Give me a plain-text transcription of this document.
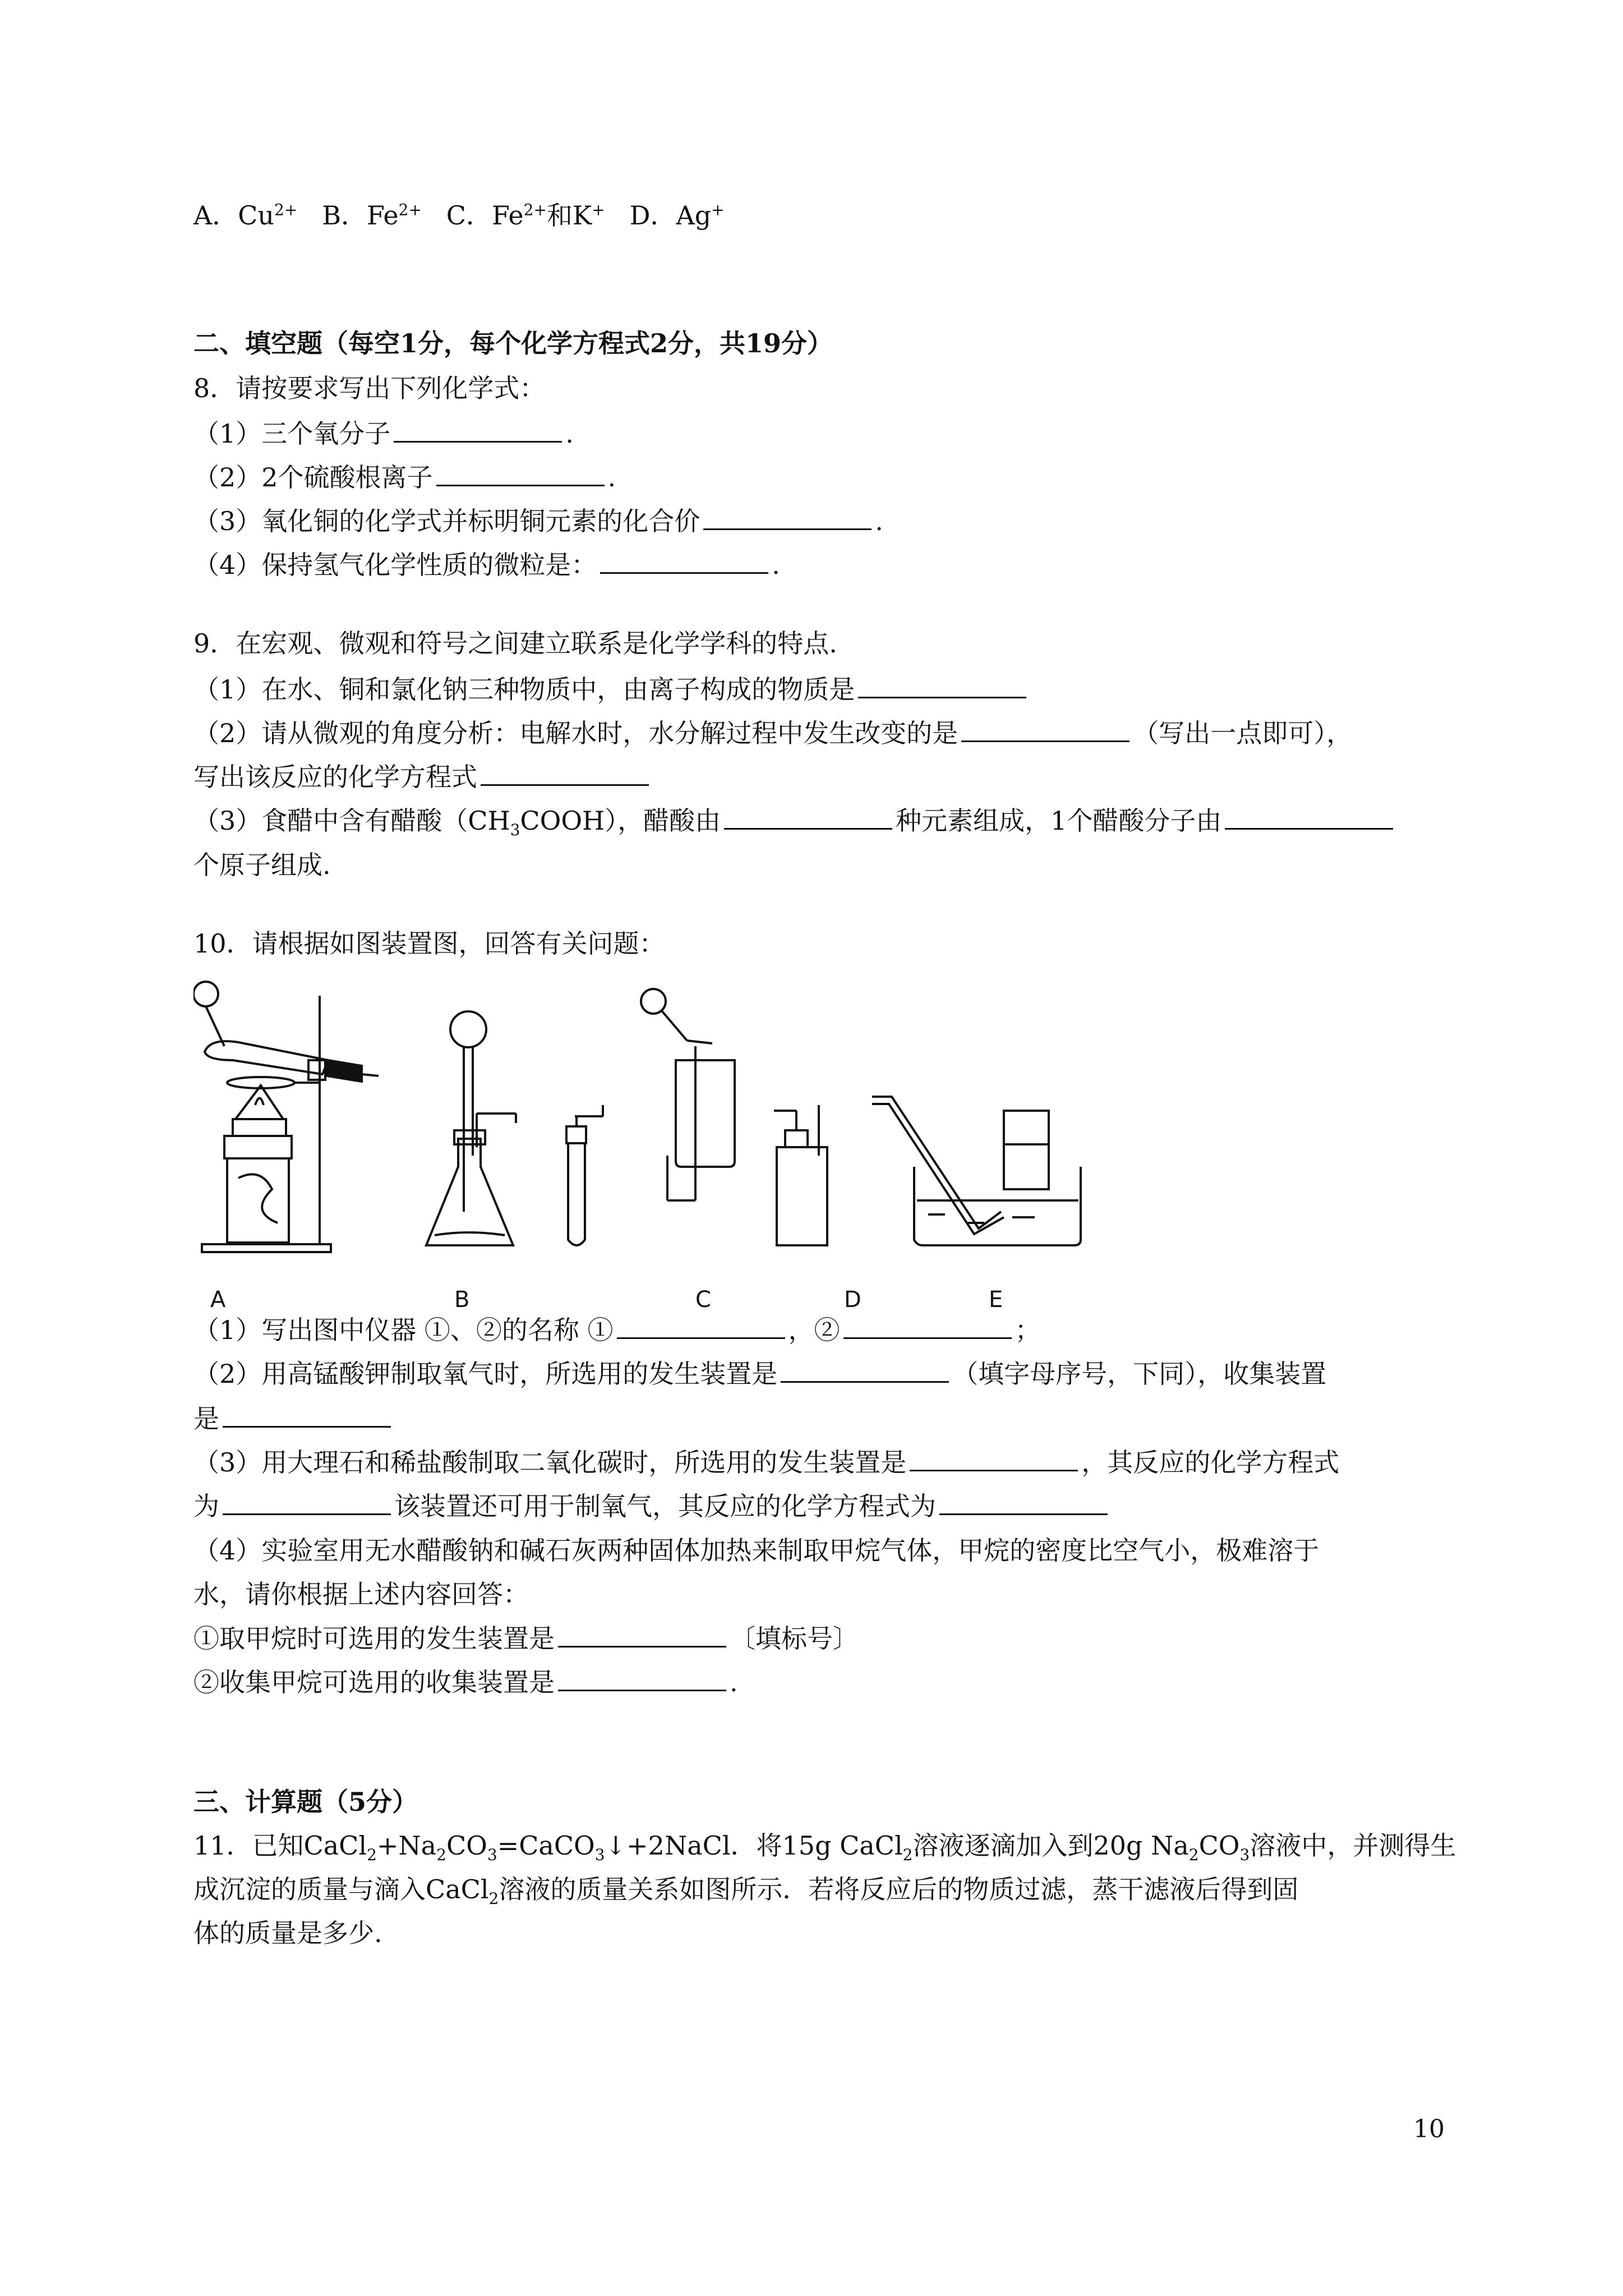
A．$Cu^{2+}$ B．$Fe^{2+}$ C．$Fe^{2+}$和K+ D．Ag+
二、填空题（每空1分，每个化学方程式2分，共19分）
8．请按要求写出下列化学式：
（1）三个氧分子	.
（2）2个硫酸根离子	.
（3）氧化铜的化学式并标明铜元素的化合价	.
（4）保持氢气化学性质的微粒是：	.
9．在宏观、微观和符号之间建立联系是化学学科的特点.
（1）在水、铜和氯化钠三种物质中，由离子构成的物质是
（2）请从微观的角度分析：电解水时，水分解过程中发生改变的是	（写出一点即可），
写出该反应的化学方程式
（3）食醋中含有醋酸$(CH_3COOH)$，醋酸由	种元素组成，1个醋酸分子由
个原子组成.
10．请根据如图装置图，回答有关问题：
A	B	C	D	E
（1）写出图中仪器 ①、②的名称 ①	，②	；
（2）用高锰酸钾制取氧气时，所选用的发生装置是	（填字母序号，下同），收集装置
是
（3）用大理石和稀盐酸制取二氧化碳时，所选用的发生装置是	，其反应的化学方程式
为	该装置还可用于制氧气，其反应的化学方程式为
（4）实验室用无水醋酸钠和碱石灰两种固体加热来制取甲烷气体，甲烷的密度比空气小，极难溶于
水，请你根据上述内容回答：
①取甲烷时可选用的发生装置是	〔填标号〕
②收集甲烷可选用的收集装置是	.
三、计算题（5分）
11．已知$CaCl_2+Na_2CO_3=CaCO_3↓+2NaCl$．将15g CaCl$_2$溶液逐滴加入到20g $Na_2CO_3$溶液中，并测得生
成沉淀的质量与滴入CaCl$_2$溶液的质量关系如图所示．若将反应后的物质过滤，蒸干滤液后得到固
体的质量是多少.
10
